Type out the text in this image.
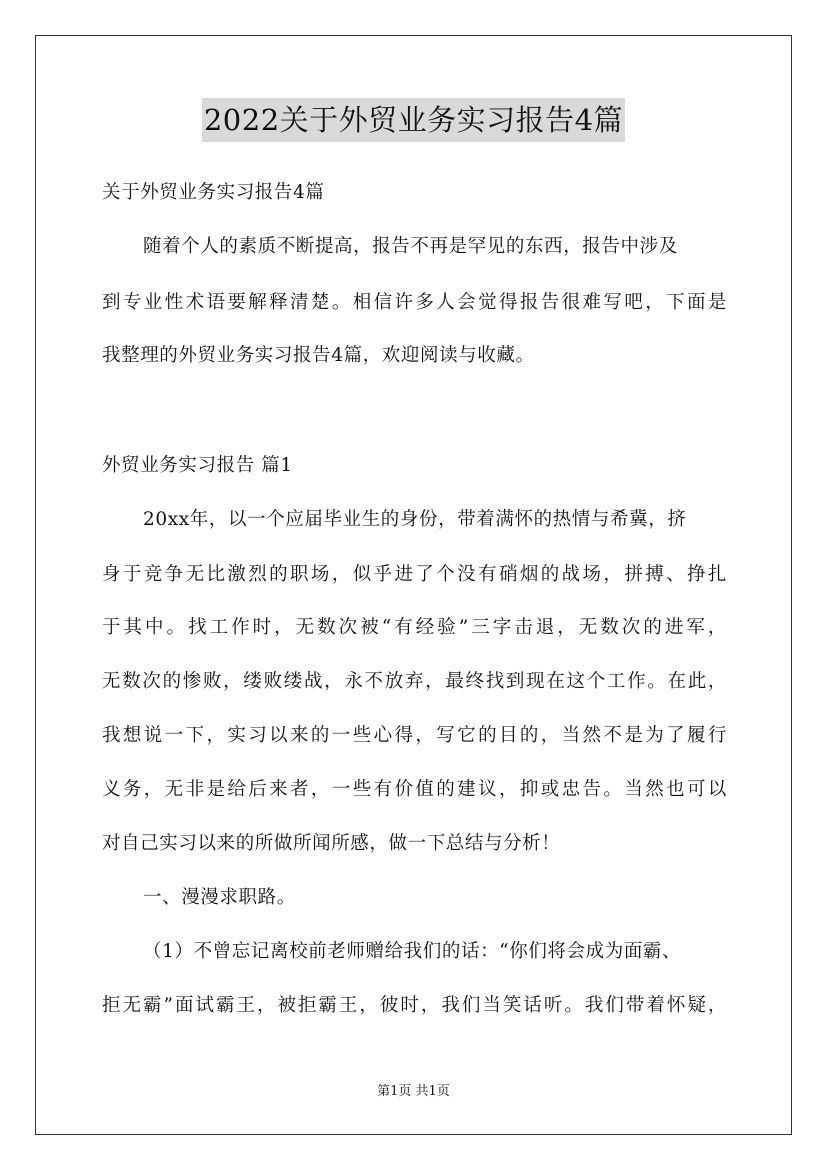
2022关于外贸业务实习报告4篇
关于外贸业务实习报告4篇
随着个人的素质不断提高，报告不再是罕见的东西，报告中涉及
到专业性术语要解释清楚。相信许多人会觉得报告很难写吧，下面是
我整理的外贸业务实习报告4篇，欢迎阅读与收藏。
外贸业务实习报告 篇1
20xx年，以一个应届毕业生的身份，带着满怀的热情与希冀，挤
身于竞争无比激烈的职场，似乎进了个没有硝烟的战场，拼搏、挣扎
于其中。找工作时，无数次被“有经验”三字击退，无数次的进军，
无数次的惨败，缕败缕战，永不放弃，最终找到现在这个工作。在此，
我想说一下，实习以来的一些心得，写它的目的，当然不是为了履行
义务，无非是给后来者，一些有价值的建议，抑或忠告。当然也可以
对自己实习以来的所做所闻所感，做一下总结与分析！
一、漫漫求职路。
（1）不曾忘记离校前老师赠给我们的话：“你们将会成为面霸、
拒无霸”面试霸王，被拒霸王，彼时，我们当笑话听。我们带着怀疑，
第1页 共1页
